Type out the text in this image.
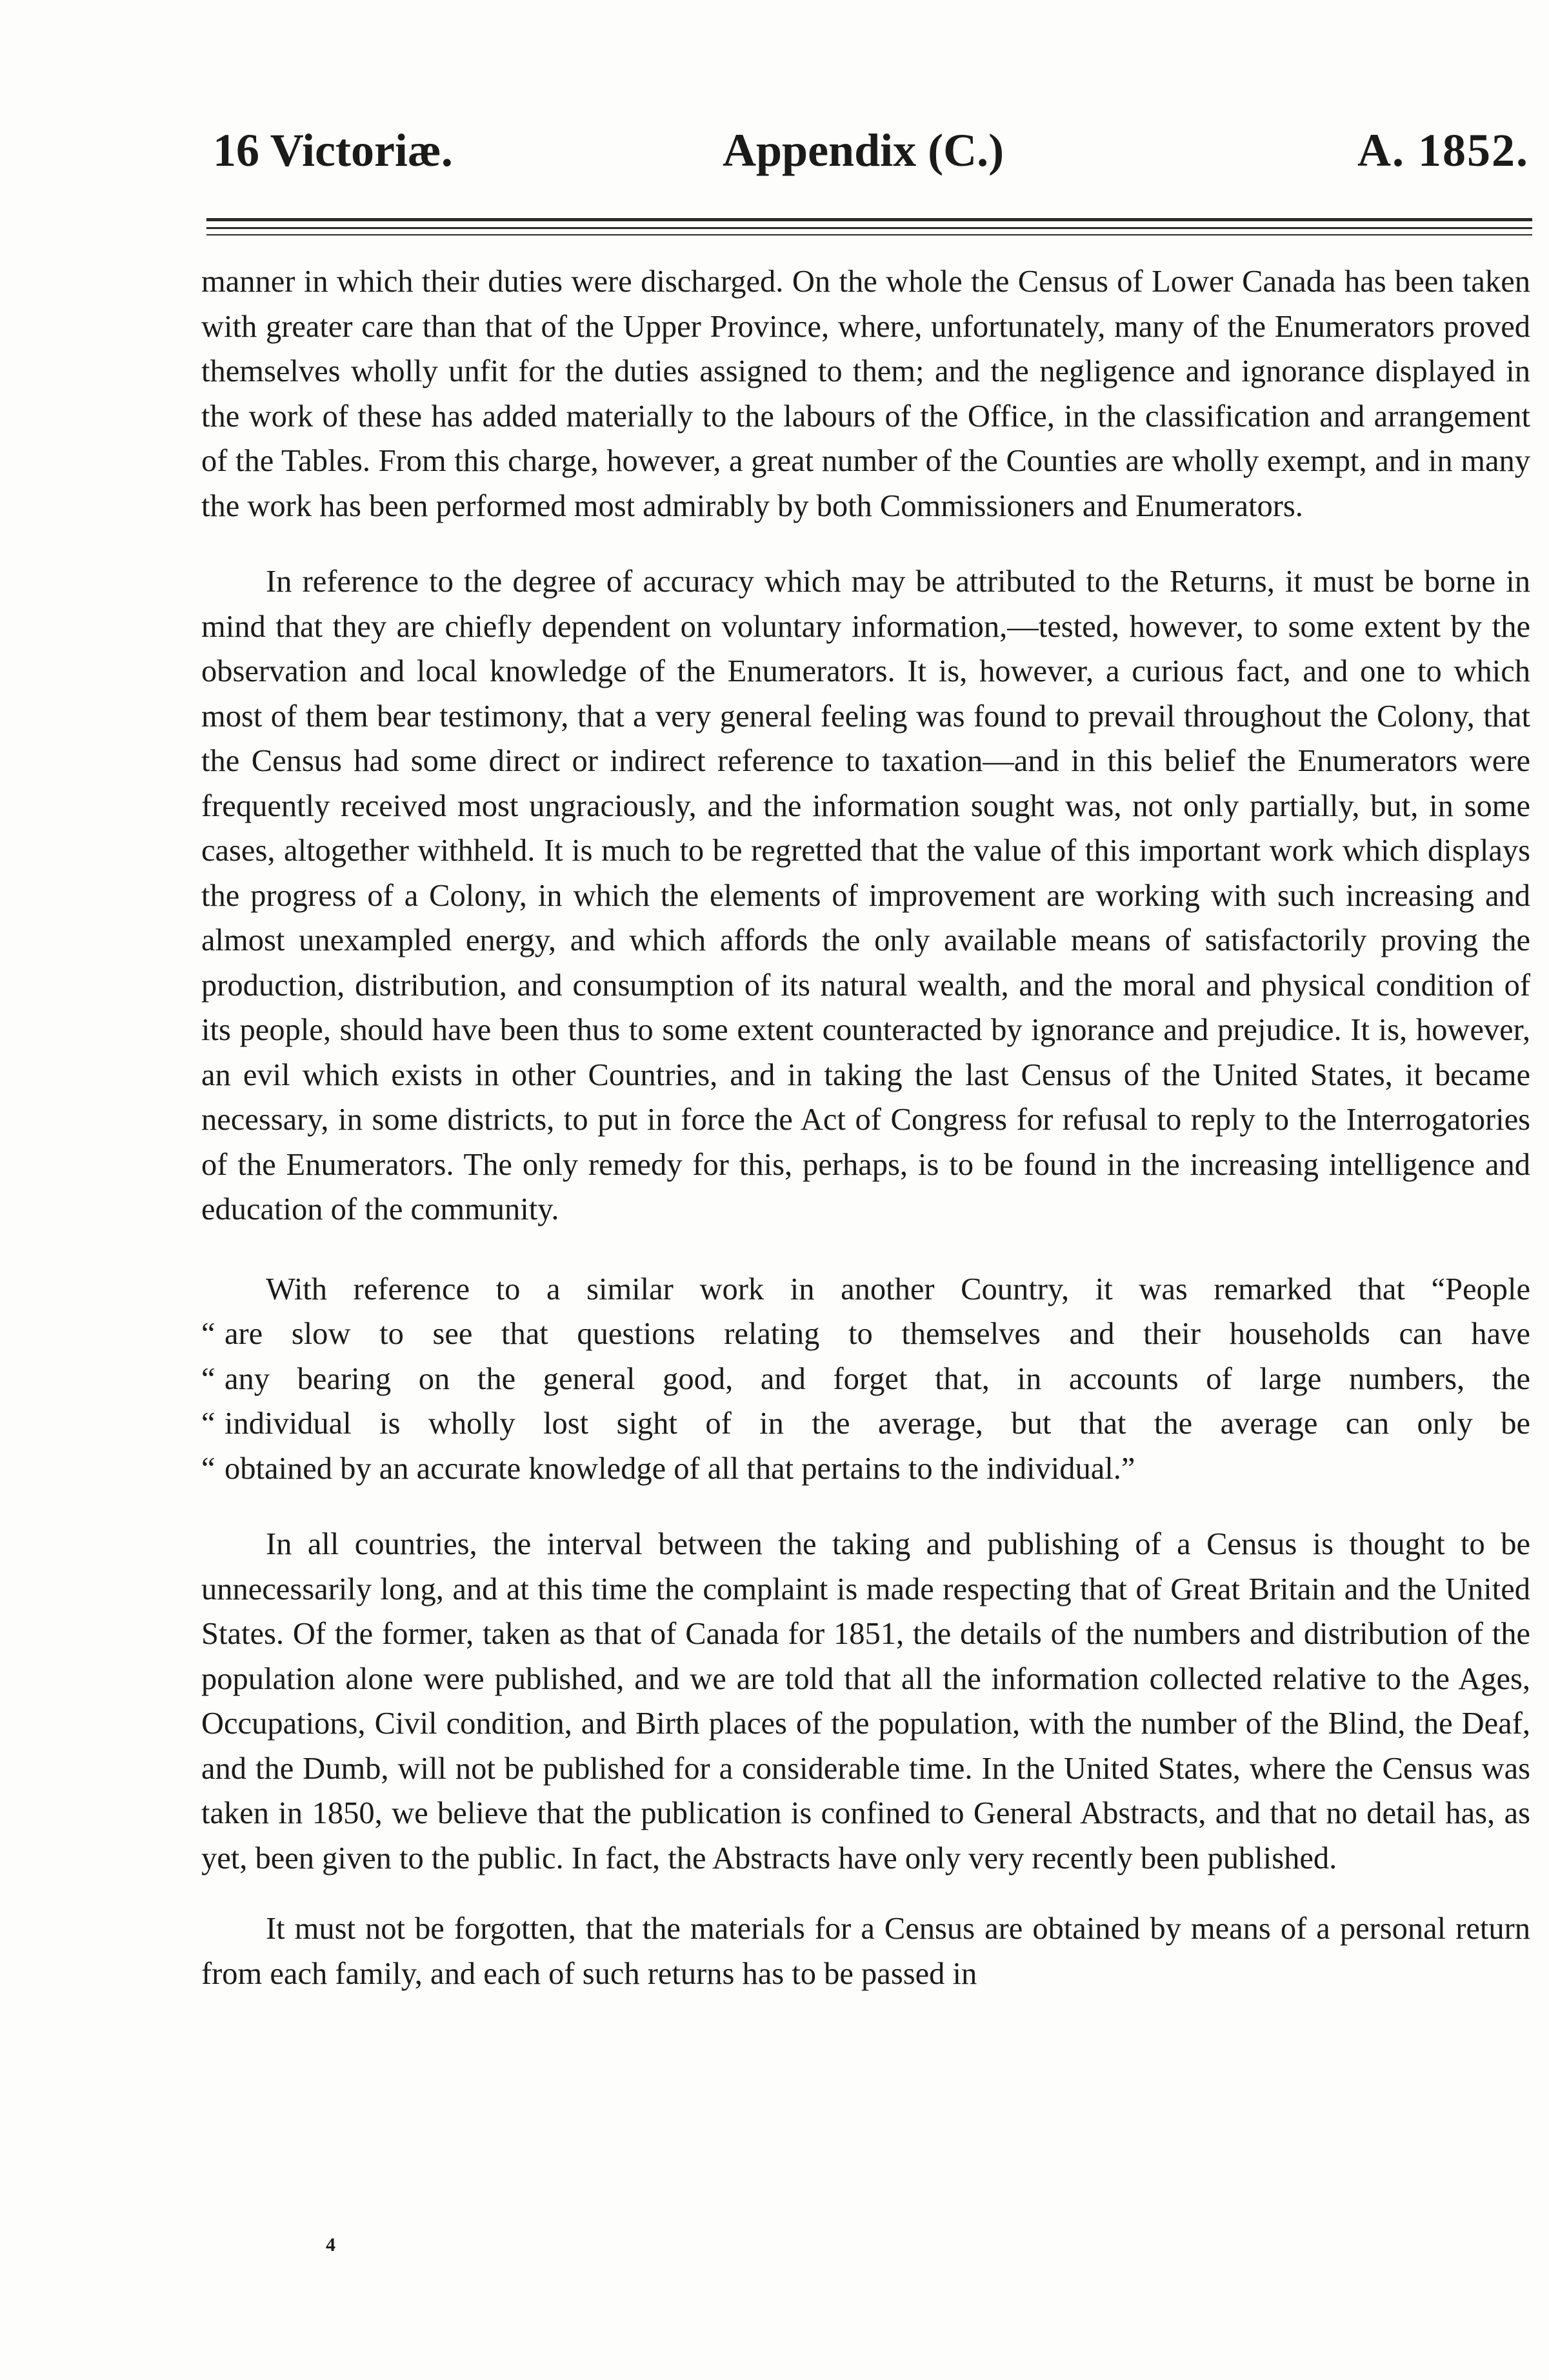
16 Victoriæ.	Appendix (C.)	A. 1852.

manner in which their duties were discharged. On the whole the Census of Lower Canada has been taken with greater care than that of the Upper Province, where, unfortunately, many of the Enumerators proved themselves wholly unfit for the duties assigned to them; and the negligence and ignorance displayed in the work of these has added materially to the labours of the Office, in the classification and arrangement of the Tables. From this charge, however, a great number of the Counties are wholly exempt, and in many the work has been performed most admirably by both Commissioners and Enumerators.

In reference to the degree of accuracy which may be attributed to the Returns, it must be borne in mind that they are chiefly dependent on voluntary information,—tested, however, to some extent by the observation and local knowledge of the Enumerators. It is, however, a curious fact, and one to which most of them bear testimony, that a very general feeling was found to prevail throughout the Colony, that the Census had some direct or indirect reference to taxation—and in this belief the Enumerators were frequently received most ungraciously, and the information sought was, not only partially, but, in some cases, altogether withheld. It is much to be regretted that the value of this important work which displays the progress of a Colony, in which the elements of improvement are working with such increasing and almost unexampled energy, and which affords the only available means of satisfactorily proving the production, distribution, and consumption of its natural wealth, and the moral and physical condition of its people, should have been thus to some extent counteracted by ignorance and prejudice. It is, however, an evil which exists in other Countries, and in taking the last Census of the United States, it became necessary, in some districts, to put in force the Act of Congress for refusal to reply to the Interrogatories of the Enumerators. The only remedy for this, perhaps, is to be found in the increasing intelligence and education of the community.

With reference to a similar work in another Country, it was remarked that “People
“ are slow to see that questions relating to themselves and their households can have
“ any bearing on the general good, and forget that, in accounts of large numbers, the
“ individual is wholly lost sight of in the average, but that the average can only be
“ obtained by an accurate knowledge of all that pertains to the individual.”

In all countries, the interval between the taking and publishing of a Census is thought to be unnecessarily long, and at this time the complaint is made respecting that of Great Britain and the United States. Of the former, taken as that of Canada for 1851, the details of the numbers and distribution of the population alone were published, and we are told that all the information collected relative to the Ages, Occupations, Civil condition, and Birth places of the population, with the number of the Blind, the Deaf, and the Dumb, will not be published for a considerable time. In the United States, where the Census was taken in 1850, we believe that the publication is confined to General Abstracts, and that no detail has, as yet, been given to the public. In fact, the Abstracts have only very recently been published.

It must not be forgotten, that the materials for a Census are obtained by means of a personal return from each family, and each of such returns has to be passed in

4
